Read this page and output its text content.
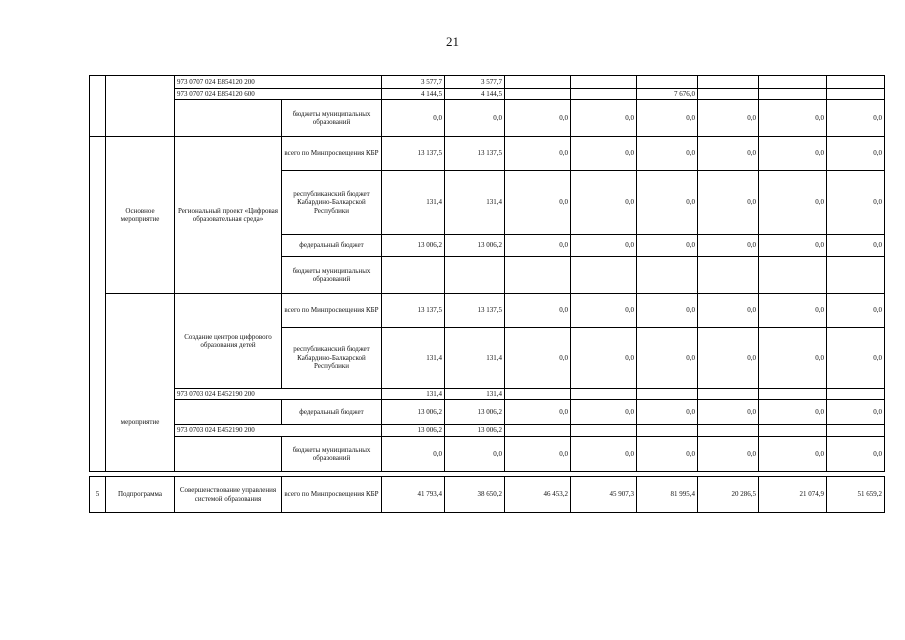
21
		973 0707 024 E854120 200		3 577,7	3 577,7						
		973 0707 024 E854120 600		4 144,5	4 144,5			7 676,0			
			бюджеты муниципальных образований	0,0	0,0	0,0	0,0	0,0	0,0	0,0	0,0
	Основное мероприятие	Региональный проект «Цифровая образовательная среда»	всего по Минпросвещения КБР	13 137,5	13 137,5	0,0	0,0	0,0	0,0	0,0	0,0
			республиканский бюджет Кабардино-Балкарской Республики	131,4	131,4	0,0	0,0	0,0	0,0	0,0	0,0
			федеральный бюджет	13 006,2	13 006,2	0,0	0,0	0,0	0,0	0,0	0,0
			бюджеты муниципальных образований								

	мероприятие	Создание центров цифрового образования детей	всего по Минпросвещения КБР	13 137,5	13 137,5	0,0	0,0	0,0	0,0	0,0	0,0
			республиканский бюджет Кабардино-Балкарской Республики	131,4	131,4	0,0	0,0	0,0	0,0	0,0	0,0
		973 0703 024 E452190 200		131,4	131,4						
			федеральный бюджет	13 006,2	13 006,2	0,0	0,0	0,0	0,0	0,0	0,0
		973 0703 024 E452190 200		13 006,2	13 006,2						
			бюджеты муниципальных образований	0,0	0,0	0,0	0,0	0,0	0,0	0,0	0,0
5	Подпрограмма	Совершенствование управления системой образования	всего по Минпросвещения КБР	41 793,4	38 650,2	46 453,2	45 907,3	81 995,4	20 286,5	21 074,9	51 659,2
